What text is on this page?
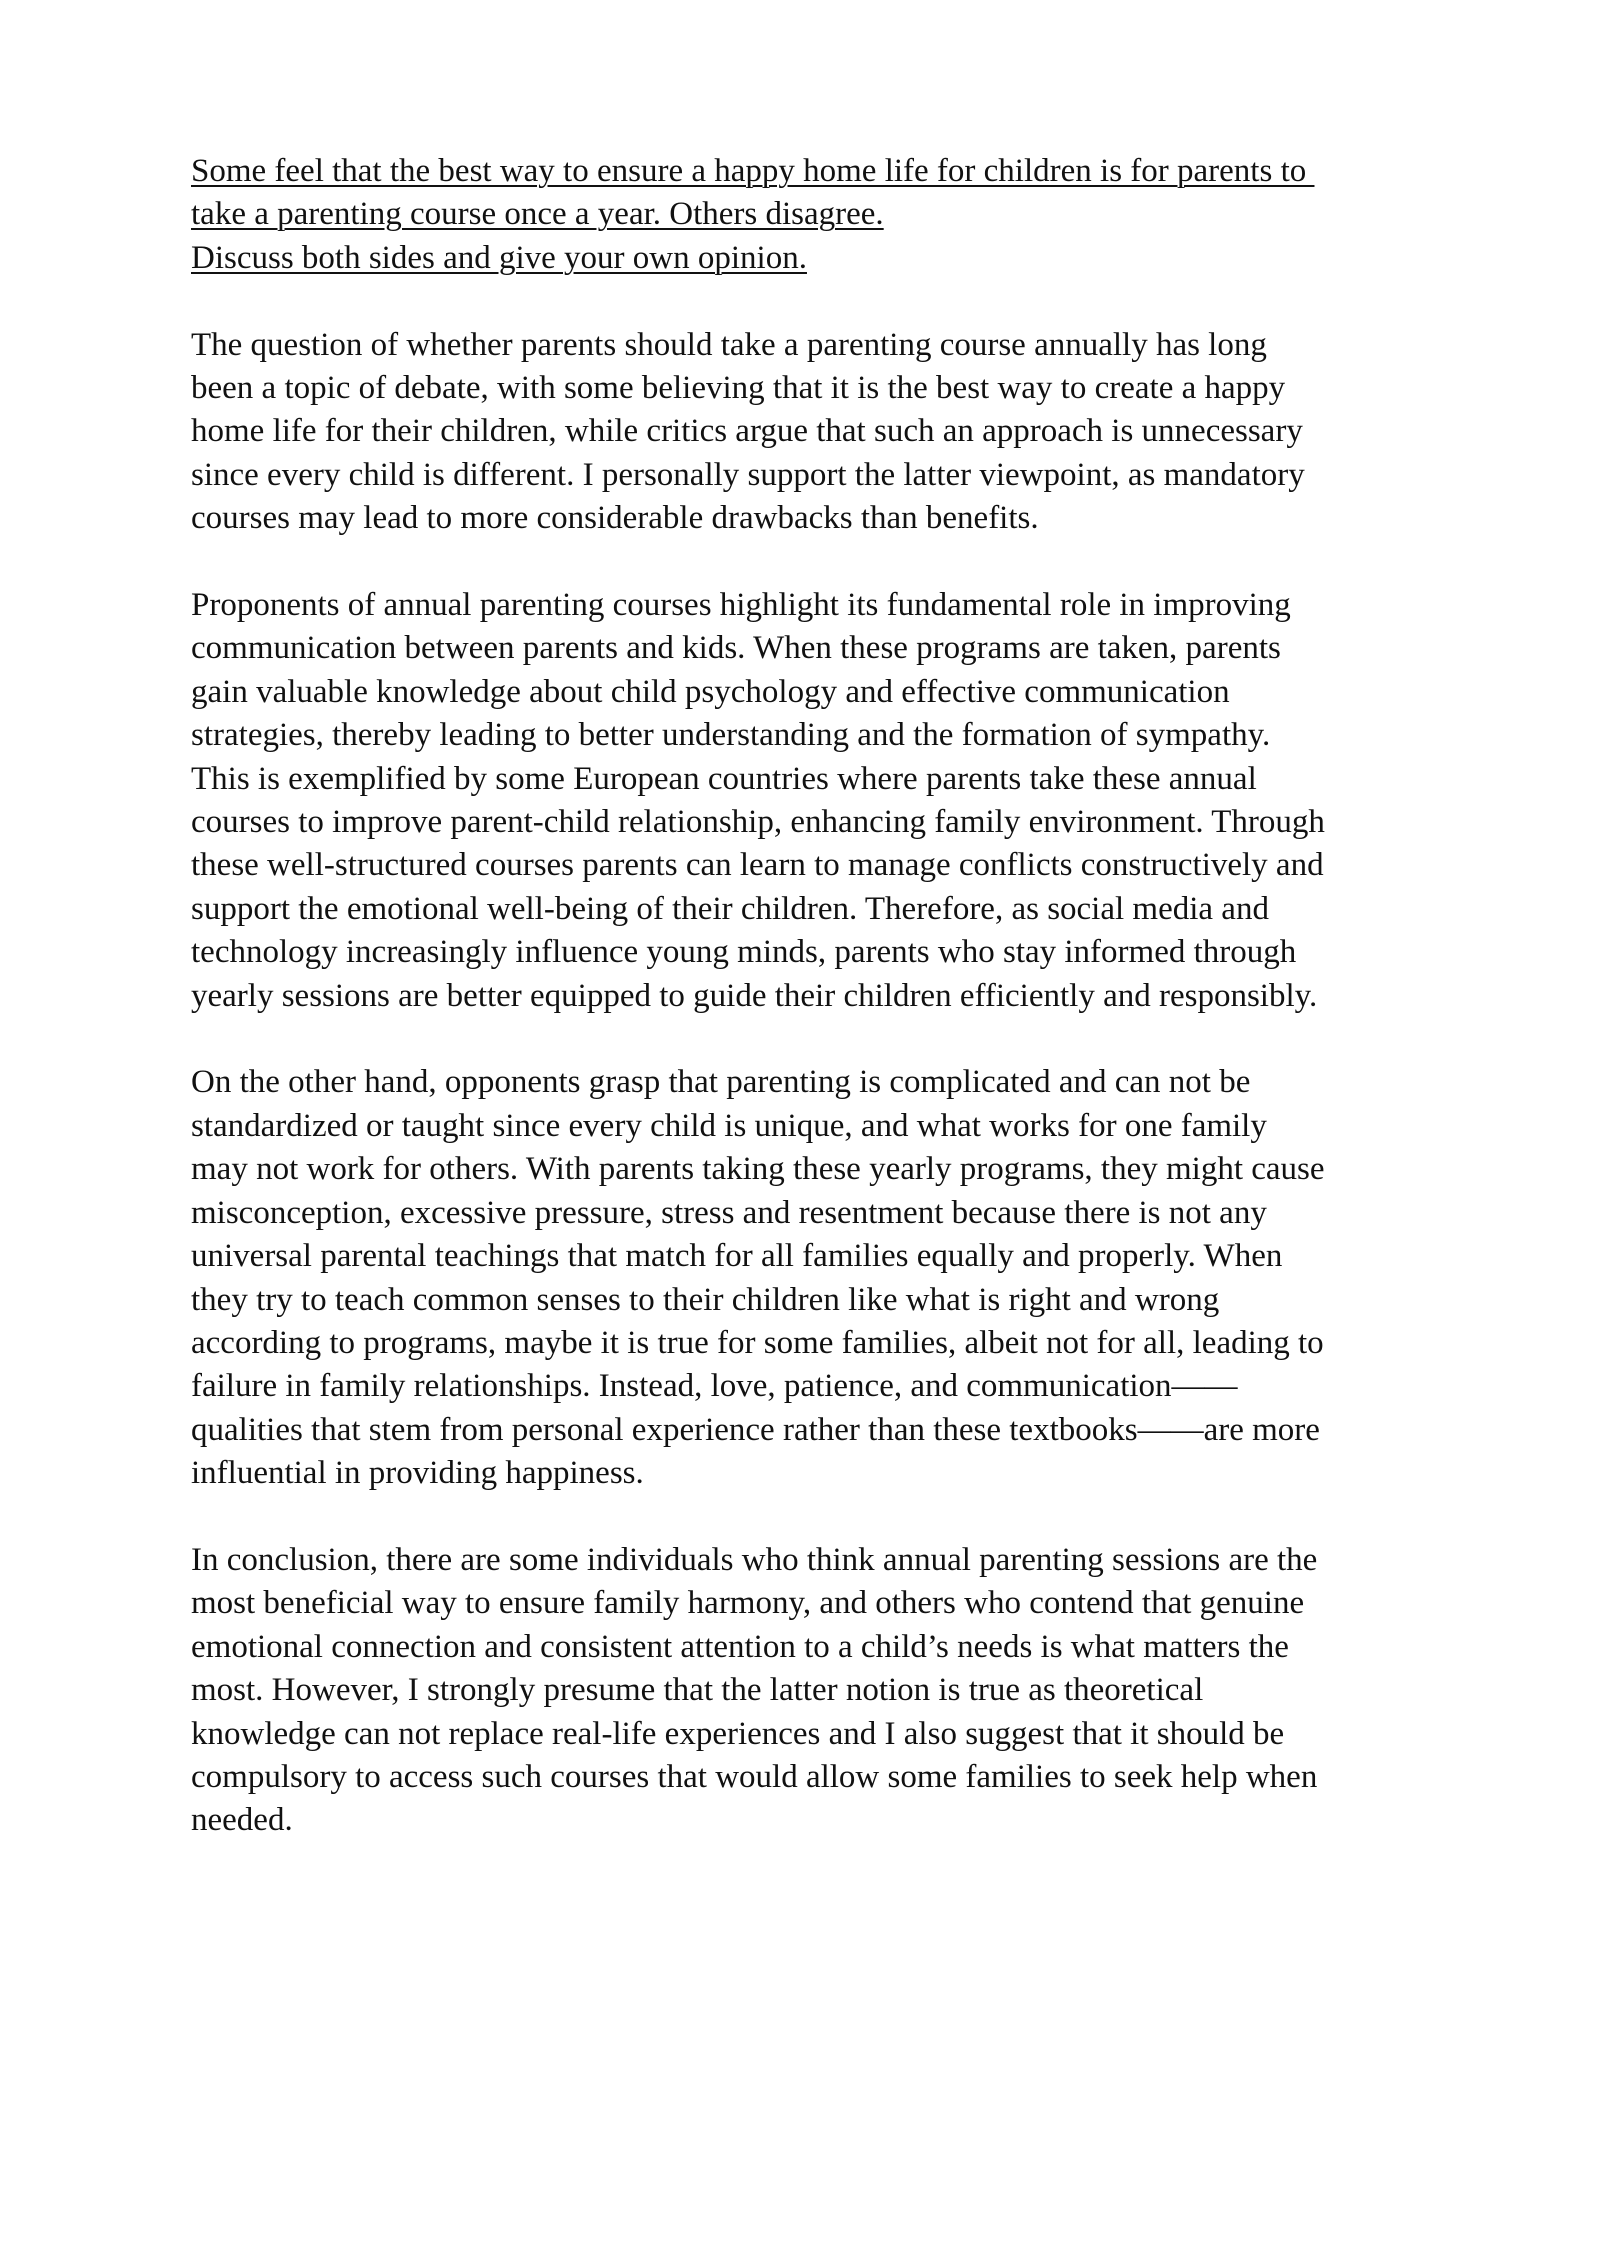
Some feel that the best way to ensure a happy home life for children is for parents to
take a parenting course once a year. Others disagree.
Discuss both sides and give your own opinion.
The question of whether parents should take a parenting course annually has long
been a topic of debate, with some believing that it is the best way to create a happy
home life for their children, while critics argue that such an approach is unnecessary
since every child is different. I personally support the latter viewpoint, as mandatory
courses may lead to more considerable drawbacks than benefits.
Proponents of annual parenting courses highlight its fundamental role in improving
communication between parents and kids. When these programs are taken, parents
gain valuable knowledge about child psychology and effective communication
strategies, thereby leading to better understanding and the formation of sympathy.
This is exemplified by some European countries where parents take these annual
courses to improve parent-child relationship, enhancing family environment. Through
these well-structured courses parents can learn to manage conflicts constructively and
support the emotional well-being of their children. Therefore, as social media and
technology increasingly influence young minds, parents who stay informed through
yearly sessions are better equipped to guide their children efficiently and responsibly.
On the other hand, opponents grasp that parenting is complicated and can not be
standardized or taught since every child is unique, and what works for one family
may not work for others. With parents taking these yearly programs, they might cause
misconception, excessive pressure, stress and resentment because there is not any
universal parental teachings that match for all families equally and properly. When
they try to teach common senses to their children like what is right and wrong
according to programs, maybe it is true for some families, albeit not for all, leading to
failure in family relationships. Instead, love, patience, and communication——
qualities that stem from personal experience rather than these textbooks——are more
influential in providing happiness.
In conclusion, there are some individuals who think annual parenting sessions are the
most beneficial way to ensure family harmony, and others who contend that genuine
emotional connection and consistent attention to a child’s needs is what matters the
most. However, I strongly presume that the latter notion is true as theoretical
knowledge can not replace real-life experiences and I also suggest that it should be
compulsory to access such courses that would allow some families to seek help when
needed.
